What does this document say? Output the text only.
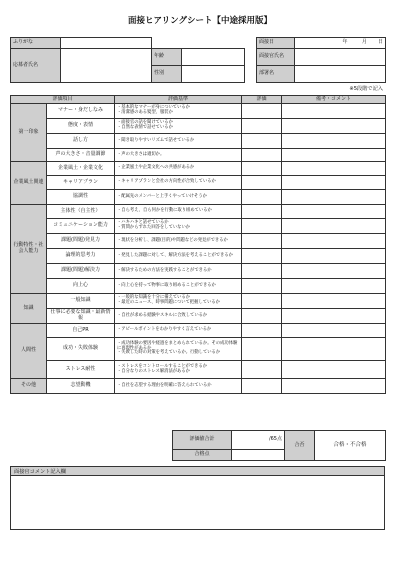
面接ヒアリングシート【中途採用版】
ふりがな					面接日	年 月 日
応募者氏名		年齢			面接官氏名	
		性別			部署名	
※5段階で記入
評価項目		評価基準	評価	備考・コメント
第一印象	マナー・身だしなみ	・基本的なマナーが身についているか
・清潔感のある髪型、服装か		

	態度・表情	・面接官の話を聞けているか
・自然な表情で話せているか		

	話し方	・聞き取りやすいリズムで話せているか		

	声の大きさ・音量調節	・声の大きさは適切か。		

企業風土関連	企業風土・企業文化	・企業風土や企業文化への共感があるか		

	キャリアプラン	・キャリアプランと会社の方向性が合致しているか		

	協調性	・配属先のメンバーと上手くやっていけそうか		

行動特性・社会人能力	主体性（自主性）	・自ら考え、自ら何かを行動に取り組めているか		

	コミュニケーション能力	・ハキハキと話せているか
・質問からずれた回答をしていないか		

	課題(問題)発見力	・現状を分析し、課題(目的)や問題などの発見ができるか		

	論理的思考力	・発見した課題に対して、解決方法を考えることができるか		

	課題(問題)解決力	・解決するための方法を実践することができるか		

	向上心	・向上心を持って物事に取り組めることができるか		

知識	一般知識	・一般的な知識を十分に備えているか
・最近のニュース、時事問題について把握しているか		

	仕事に必要な知識・最新情報	・自社が求める経験やスキルに合致しているか		

人間性	自己PR	・アピールポイントをわかりやすく言えているか		

	成功・失敗体験	・成功体験の要因や経過をまとめられているか。その成功体験に再現性があるか
・失敗した時の対策を考えているか。行動しているか		

	ストレス耐性	・ストレスをコントロールすることができるか
・自分なりのストレス解消法があるか		

その他	志望動機	・自社を志望する理由を明確に答えられているか		

評価値合計	/65点	合否	合格・不合格
合格点			
面接官コメント記入欄
